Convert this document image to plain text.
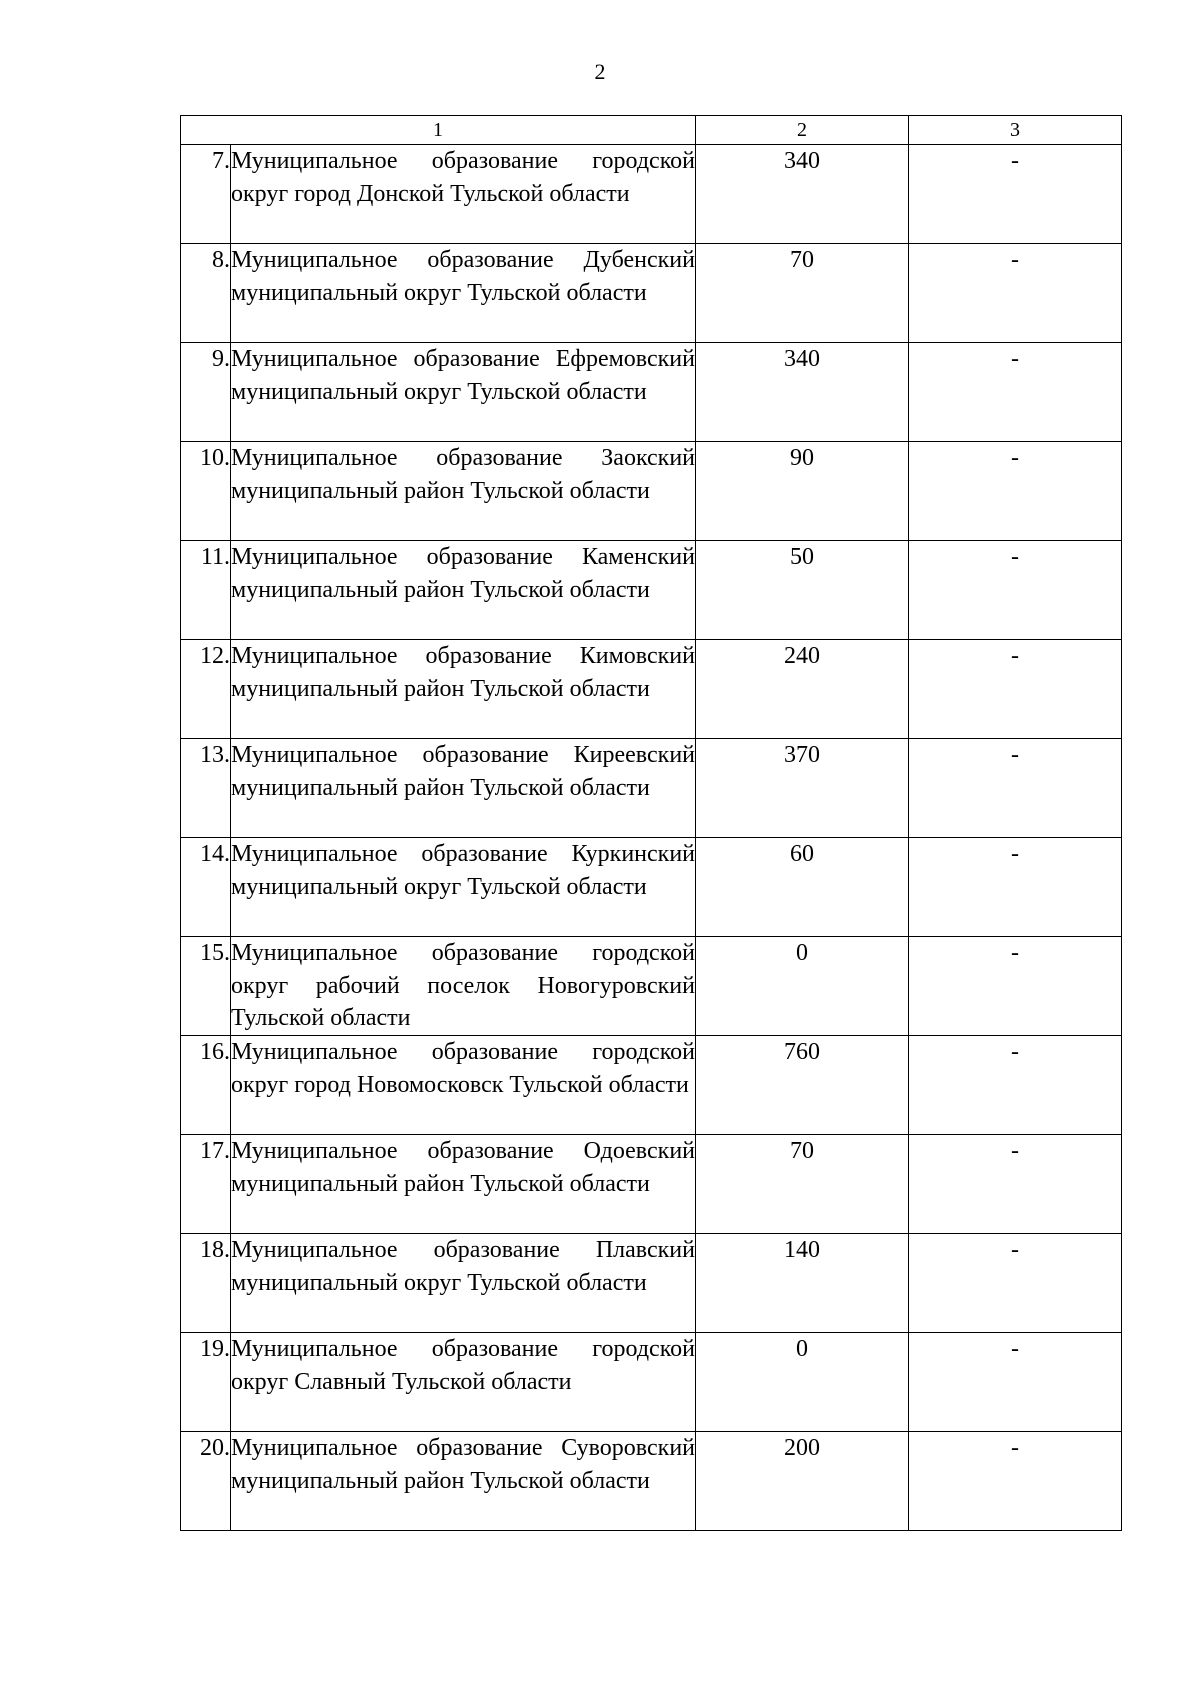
2
1		2	3
7.	Муниципальное образование городской округ город Донской Тульской области	340	-
8.	Муниципальное образование Дубенский муниципальный округ Тульской области	70	-
9.	Муниципальное образование Ефремовский муниципальный округ Тульской области	340	-
10.	Муниципальное образование Заокский муниципальный район Тульской области	90	-
11.	Муниципальное образование Каменский муниципальный район Тульской области	50	-
12.	Муниципальное образование Кимовский муниципальный район Тульской области	240	-
13.	Муниципальное образование Киреевский муниципальный район Тульской области	370	-
14.	Муниципальное образование Куркинский муниципальный округ Тульской области	60	-
15.	Муниципальное образование городской округ рабочий поселок Новогуровский Тульской области	0	-
16.	Муниципальное образование городской округ город Новомосковск Тульской области	760	-
17.	Муниципальное образование Одоевский муниципальный район Тульской области	70	-
18.	Муниципальное образование Плавский муниципальный округ Тульской области	140	-
19.	Муниципальное образование городской округ Славный Тульской области	0	-
20.	Муниципальное образование Суворовский муниципальный район Тульской области	200	-
